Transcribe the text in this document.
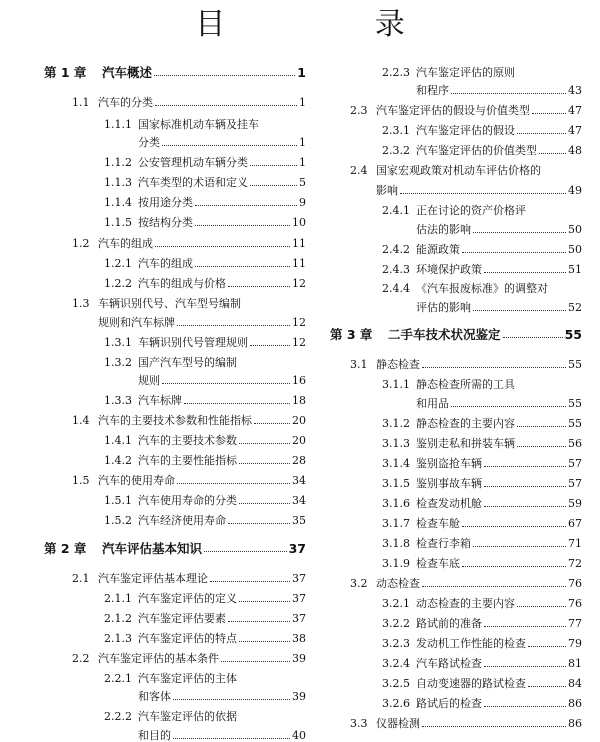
目 录
第 1 章	汽车概述	1
1.1 汽车的分类	1
1.1.1 国家标准机动车辆及挂车
分类	1
1.1.2 公安管理机动车辆分类	1
1.1.3 汽车类型的术语和定义	5
1.1.4 按用途分类	9
1.1.5 按结构分类	10
1.2 汽车的组成	11
1.2.1 汽车的组成	11
1.2.2 汽车的组成与价格	12
1.3 车辆识别代号、汽车型号编制
规则和汽车标牌	12
1.3.1 车辆识别代号管理规则	12
1.3.2 国产汽车型号的编制
规则	16
1.3.3 汽车标牌	18
1.4 汽车的主要技术参数和性能指标	20
1.4.1 汽车的主要技术参数	20
1.4.2 汽车的主要性能指标	28
1.5 汽车的使用寿命	34
1.5.1 汽车使用寿命的分类	34
1.5.2 汽车经济使用寿命	35
第 2 章	汽车评估基本知识	37
2.1 汽车鉴定评估基本理论	37
2.1.1 汽车鉴定评估的定义	37
2.1.2 汽车鉴定评估要素	37
2.1.3 汽车鉴定评估的特点	38
2.2 汽车鉴定评估的基本条件	39
2.2.1 汽车鉴定评估的主体
和客体	39
2.2.2 汽车鉴定评估的依据
和目的	40
2.2.3 汽车鉴定评估的原则
和程序	43
2.3 汽车鉴定评估的假设与价值类型	47
2.3.1 汽车鉴定评估的假设	47
2.3.2 汽车鉴定评估的价值类型	48
2.4 国家宏观政策对机动车评估价格的
影响	49
2.4.1 正在讨论的资产价格评
估法的影响	50
2.4.2 能源政策	50
2.4.3 环境保护政策	51
2.4.4 《汽车报废标准》的调整对
评估的影响	52
第 3 章	二手车技术状况鉴定	55
3.1 静态检查	55
3.1.1 静态检查所需的工具
和用品	55
3.1.2 静态检查的主要内容	55
3.1.3 鉴别走私和拼装车辆	56
3.1.4 鉴别盗抢车辆	57
3.1.5 鉴别事故车辆	57
3.1.6 检查发动机舱	59
3.1.7 检查车舱	67
3.1.8 检查行李箱	71
3.1.9 检查车底	72
3.2 动态检查	76
3.2.1 动态检查的主要内容	76
3.2.2 路试前的准备	77
3.2.3 发动机工作性能的检查	79
3.2.4 汽车路试检查	81
3.2.5 自动变速器的路试检查	84
3.2.6 路试后的检查	86
3.3 仪器检测	86
